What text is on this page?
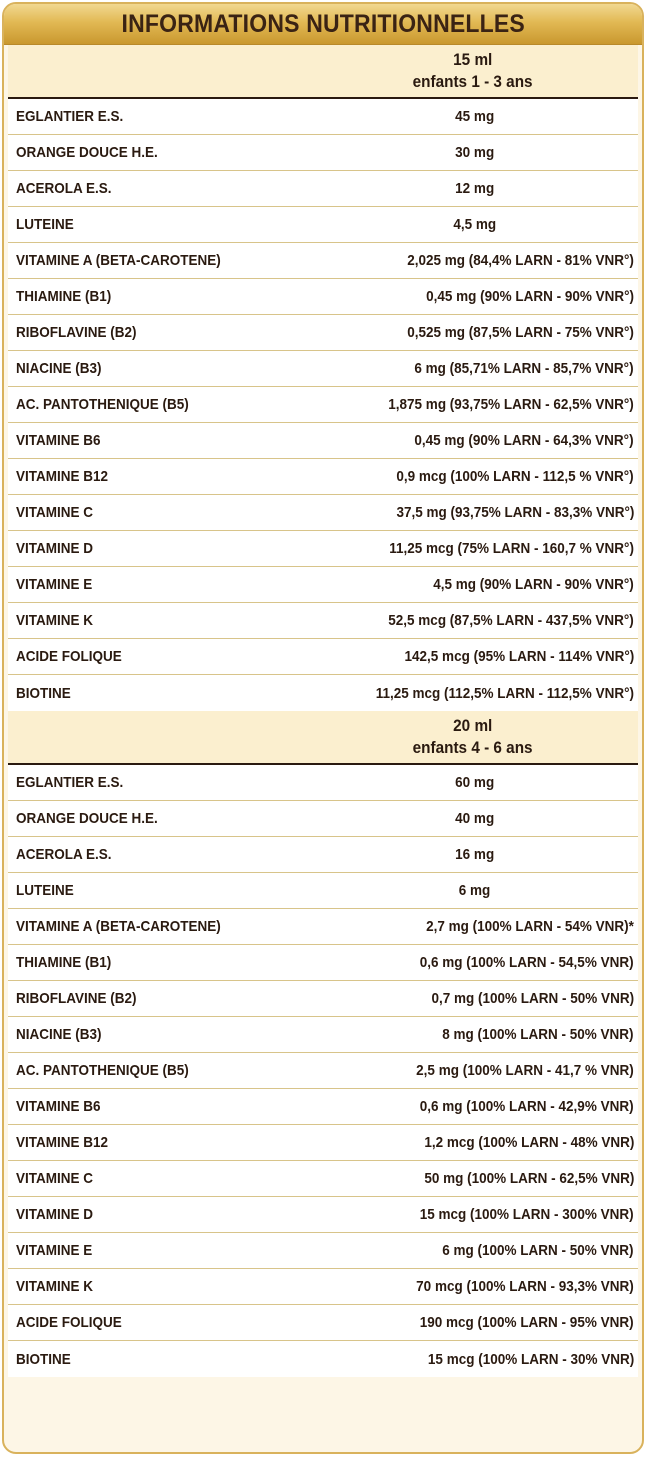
INFORMATIONS NUTRITIONNELLES
15 ml
enfants 1 - 3 ans
EGLANTIER E.S.	45 mg
ORANGE DOUCE H.E.	30 mg
ACEROLA E.S.	12 mg
LUTEINE	4,5 mg
VITAMINE A (BETA-CAROTENE)	2,025 mg (84,4% LARN - 81% VNR°)
THIAMINE (B1)	0,45 mg (90% LARN - 90% VNR°)
RIBOFLAVINE (B2)	0,525 mg (87,5% LARN - 75% VNR°)
NIACINE (B3)	6 mg (85,71% LARN - 85,7% VNR°)
AC. PANTOTHENIQUE (B5)	1,875 mg (93,75% LARN - 62,5% VNR°)
VITAMINE B6	0,45 mg (90% LARN - 64,3% VNR°)
VITAMINE B12	0,9 mcg (100% LARN - 112,5 % VNR°)
VITAMINE C	37,5 mg (93,75% LARN - 83,3% VNR°)
VITAMINE D	11,25 mcg (75% LARN - 160,7 % VNR°)
VITAMINE E	4,5 mg (90% LARN - 90% VNR°)
VITAMINE K	52,5 mcg (87,5% LARN - 437,5% VNR°)
ACIDE FOLIQUE	142,5 mcg (95% LARN - 114% VNR°)
BIOTINE	11,25 mcg (112,5% LARN - 112,5% VNR°)
20 ml
enfants 4 - 6 ans
EGLANTIER E.S.	60 mg
ORANGE DOUCE H.E.	40 mg
ACEROLA E.S.	16 mg
LUTEINE	6 mg
VITAMINE A (BETA-CAROTENE)	2,7 mg (100% LARN - 54% VNR)*
THIAMINE (B1)	0,6 mg (100% LARN - 54,5% VNR)
RIBOFLAVINE (B2)	0,7 mg (100% LARN - 50% VNR)
NIACINE (B3)	8 mg (100% LARN - 50% VNR)
AC. PANTOTHENIQUE (B5)	2,5 mg (100% LARN - 41,7 % VNR)
VITAMINE B6	0,6 mg (100% LARN - 42,9% VNR)
VITAMINE B12	1,2 mcg (100% LARN - 48% VNR)
VITAMINE C	50 mg (100% LARN - 62,5% VNR)
VITAMINE D	15 mcg (100% LARN - 300% VNR)
VITAMINE E	6 mg (100% LARN - 50% VNR)
VITAMINE K	70 mcg (100% LARN - 93,3% VNR)
ACIDE FOLIQUE	190 mcg (100% LARN - 95% VNR)
BIOTINE	15 mcg (100% LARN - 30% VNR)
